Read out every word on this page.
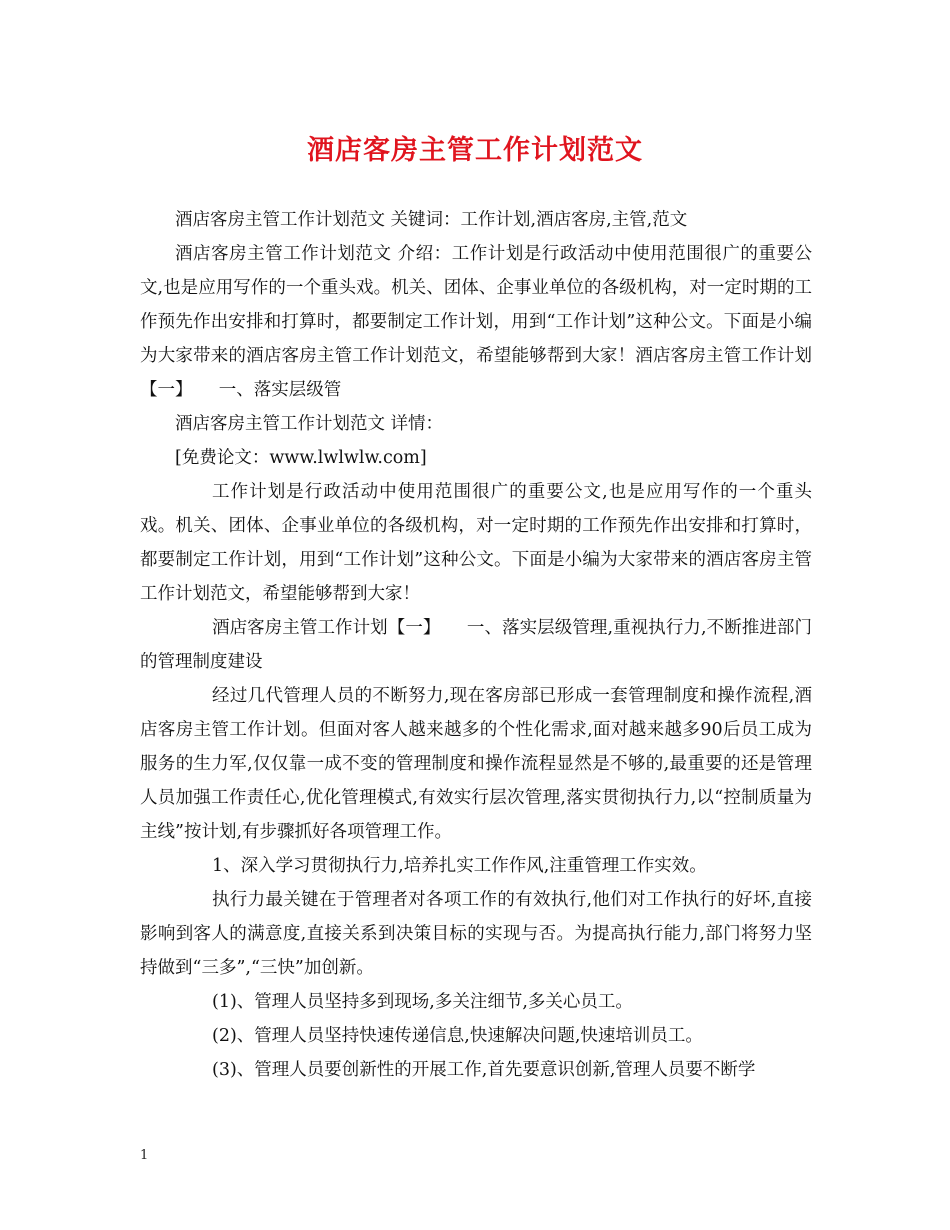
酒店客房主管工作计划范文

酒店客房主管工作计划范文 关键词：工作计划,酒店客房,主管,范文

酒店客房主管工作计划范文 介绍：工作计划是行政活动中使用范围很广的重要公文,也是应用写作的一个重头戏。机关、团体、企事业单位的各级机构，对一定时期的工作预先作出安排和打算时，都要制定工作计划，用到“工作计划”这种公文。下面是小编为大家带来的酒店客房主管工作计划范文，希望能够帮到大家！酒店客房主管工作计划【一】　　一、落实层级管

酒店客房主管工作计划范文 详情：

[免费论文：www.lwlwlw.com]

工作计划是行政活动中使用范围很广的重要公文,也是应用写作的一个重头戏。机关、团体、企事业单位的各级机构，对一定时期的工作预先作出安排和打算时，都要制定工作计划，用到“工作计划”这种公文。下面是小编为大家带来的酒店客房主管工作计划范文，希望能够帮到大家！

酒店客房主管工作计划【一】　　一、落实层级管理,重视执行力,不断推进部门的管理制度建设

经过几代管理人员的不断努力,现在客房部已形成一套管理制度和操作流程,酒店客房主管工作计划。但面对客人越来越多的个性化需求,面对越来越多90后员工成为服务的生力军,仅仅靠一成不变的管理制度和操作流程显然是不够的,最重要的还是管理人员加强工作责任心,优化管理模式,有效实行层次管理,落实贯彻执行力,以“控制质量为主线”按计划,有步骤抓好各项管理工作。

1、深入学习贯彻执行力,培养扎实工作作风,注重管理工作实效。

执行力最关键在于管理者对各项工作的有效执行,他们对工作执行的好坏,直接影响到客人的满意度,直接关系到决策目标的实现与否。为提高执行能力,部门将努力坚持做到“三多”,“三快”加创新。

(1)、管理人员坚持多到现场,多关注细节,多关心员工。

(2)、管理人员坚持快速传递信息,快速解决问题,快速培训员工。

(3)、管理人员要创新性的开展工作,首先要意识创新,管理人员要不断学

1
